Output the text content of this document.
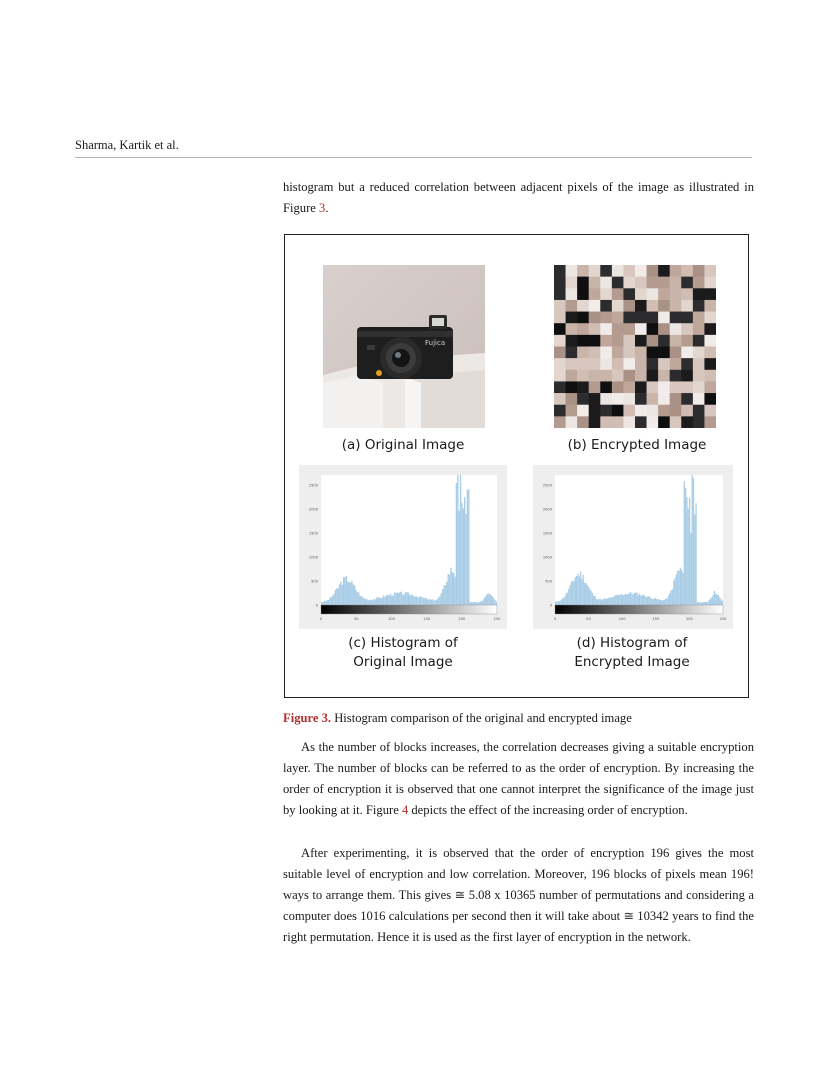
Sharma, Kartik et al.

histogram but a reduced correlation between adjacent pixels of the image as illustrated in Figure 3.

Fujica
(a) Original Image	(b) Encrypted Image
2500
2000
1500
1000
500
0
0	50	100	150	200	250
2500
2000
1500
1000
500
0
0	50	100	150	200	250
(c) Histogram of
Original Image
(d) Histogram of
Encrypted Image
Figure 3. Histogram comparison of the original and encrypted image

As the number of blocks increases, the correlation decreases giving a suitable encryption layer. The number of blocks can be referred to as the order of encryption. By increasing the order of encryption it is observed that one cannot interpret the significance of the image just by looking at it. Figure 4 depicts the effect of the increasing order of encryption.

After experimenting, it is observed that the order of encryption 196 gives the most suitable level of encryption and low correlation. Moreover, 196 blocks of pixels mean 196! ways to arrange them. This gives ≅ 5.08 x 10365 number of permutations and considering a computer does 1016 calculations per second then it will take about ≅ 10342 years to find the right permutation. Hence it is used as the first layer of encryption in the network.
